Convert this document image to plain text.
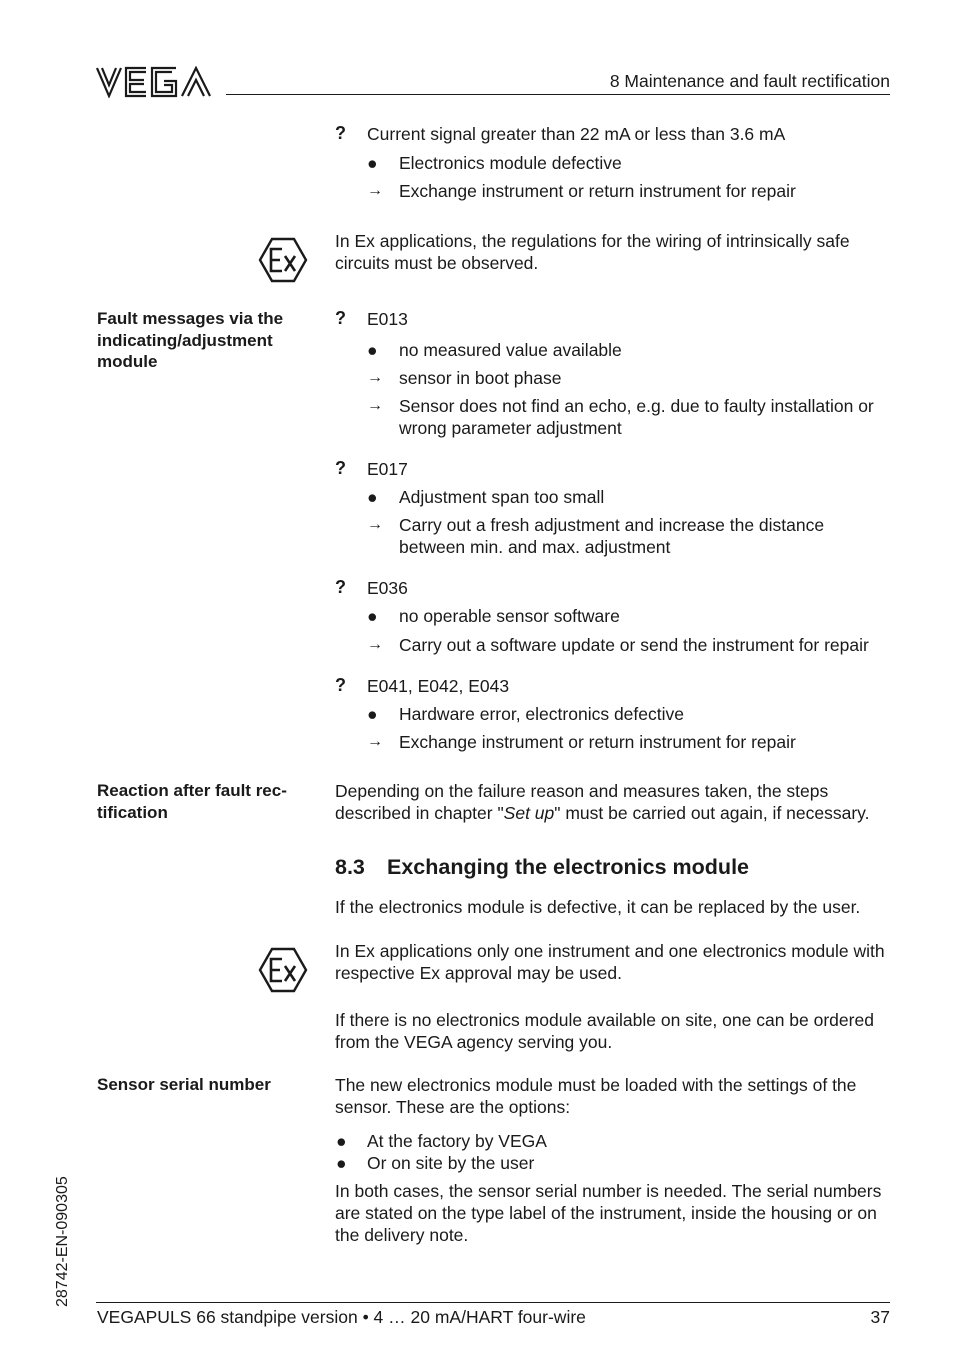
8 Maintenance and fault rectification
? Current signal greater than 22 mA or less than 3.6 mA
● Electronics module defective
→ Exchange instrument or return instrument for repair
In Ex applications, the regulations for the wiring of intrinsically safe circuits must be observed.
Fault messages via the indicating/adjustment module
? E013
● no measured value available
→ sensor in boot phase
→ Sensor does not find an echo, e.g. due to faulty installation or wrong parameter adjustment
? E017
● Adjustment span too small
→ Carry out a fresh adjustment and increase the distance between min. and max. adjustment
? E036
● no operable sensor software
→ Carry out a software update or send the instrument for repair
? E041, E042, E043
● Hardware error, electronics defective
→ Exchange instrument or return instrument for repair
Reaction after fault rec-tification
Depending on the failure reason and measures taken, the steps described in chapter "Set up" must be carried out again, if necessary.
8.3 Exchanging the electronics module
If the electronics module is defective, it can be replaced by the user.
In Ex applications only one instrument and one electronics module with respective Ex approval may be used.
If there is no electronics module available on site, one can be ordered from the VEGA agency serving you.
Sensor serial number	The new electronics module must be loaded with the settings of the sensor. These are the options:
●	At the factory by VEGA
●	Or on site by the user
In both cases, the sensor serial number is needed. The serial numbers are stated on the type label of the instrument, inside the housing or on the delivery note.
28742-EN-090305
VEGAPULS 66 standpipe version • 4 … 20 mA/HART four-wire	37
